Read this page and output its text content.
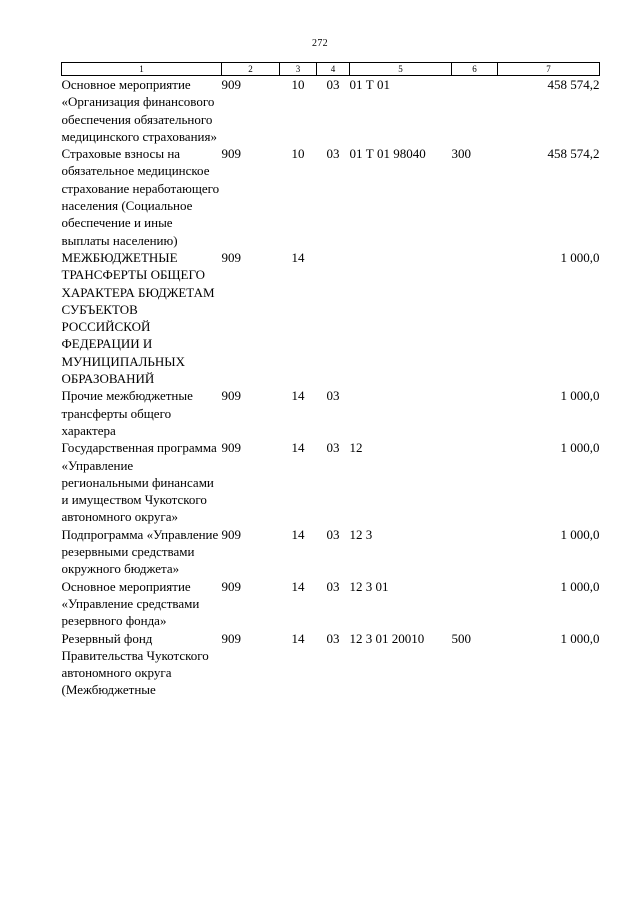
272
1	2	3	4	5	6	7
Основное мероприятие «Организация финансового обеспечения обязательного медицинского страхования»	909	10	03	01 Т 01		458 574,2
Страховые взносы на обязательное медицинское страхование неработающего населения (Социальное обеспечение и иные выплаты населению)	909	10	03	01 Т 01 98040	300	458 574,2
МЕЖБЮДЖЕТНЫЕ ТРАНСФЕРТЫ ОБЩЕГО ХАРАКТЕРА БЮДЖЕТАМ СУБЪЕКТОВ РОССИЙСКОЙ ФЕДЕРАЦИИ И МУНИЦИПАЛЬНЫХ ОБРАЗОВАНИЙ	909	14				1 000,0
Прочие межбюджетные трансферты общего характера	909	14	03			1 000,0
Государственная программа «Управление региональными финансами и имуществом Чукотского автономного округа»	909	14	03	12		1 000,0
Подпрограмма «Управление резервными средствами окружного бюджета»	909	14	03	12 3		1 000,0
Основное мероприятие «Управление средствами резервного фонда»	909	14	03	12 3 01		1 000,0
Резервный фонд Правительства Чукотского автономного округа (Межбюджетные	909	14	03	12 3 01 20010	500	1 000,0
